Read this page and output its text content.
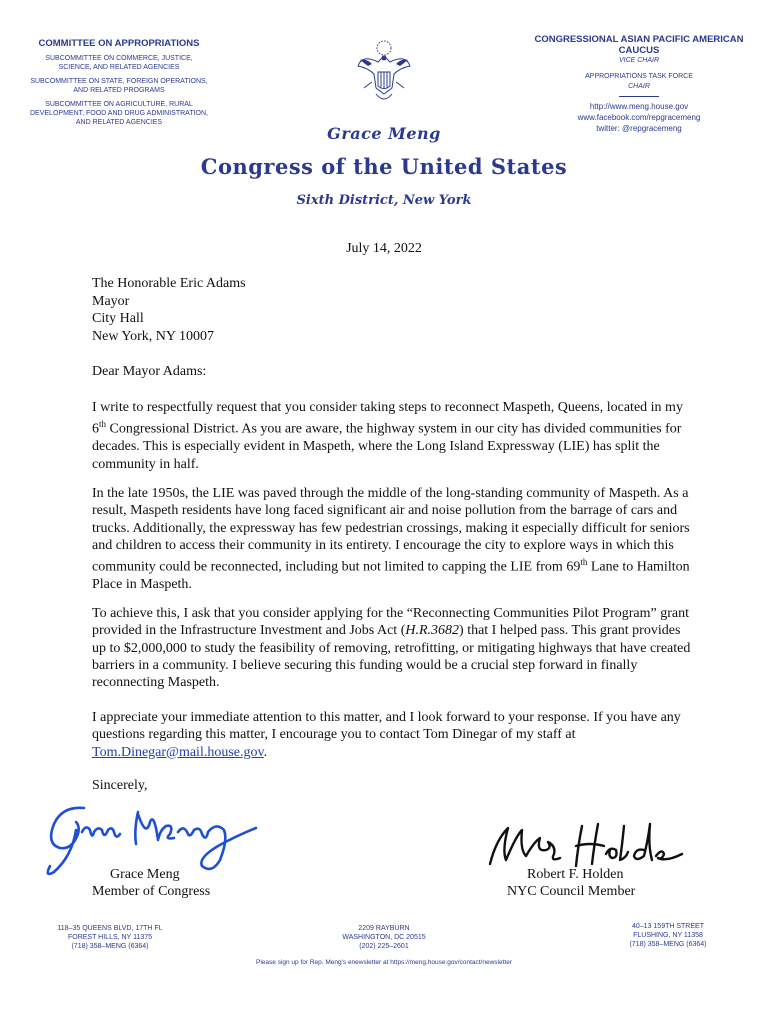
COMMITTEE ON APPROPRIATIONS
SUBCOMMITTEE ON COMMERCE, JUSTICE, SCIENCE, AND RELATED AGENCIES
SUBCOMMITTEE ON STATE, FOREIGN OPERATIONS, AND RELATED PROGRAMS
SUBCOMMITTEE ON AGRICULTURE, RURAL DEVELOPMENT, FOOD AND DRUG ADMINISTRATION, AND RELATED AGENCIES
CONGRESSIONAL ASIAN PACIFIC AMERICAN CAUCUS
VICE CHAIR
APPROPRIATIONS TASK FORCE
CHAIR
http://www.meng.house.gov
www.facebook.com/repgracemeng
twitter: @repgracemeng
Grace Meng
Congress of the United States
Sixth District, New York
July 14, 2022
The Honorable Eric Adams
Mayor
City Hall
New York, NY 10007
Dear Mayor Adams:

I write to respectfully request that you consider taking steps to reconnect Maspeth, Queens, located in my 6th Congressional District. As you are aware, the highway system in our city has divided communities for decades. This is especially evident in Maspeth, where the Long Island Expressway (LIE) has split the community in half.

In the late 1950s, the LIE was paved through the middle of the long-standing community of Maspeth. As a result, Maspeth residents have long faced significant air and noise pollution from the barrage of cars and trucks. Additionally, the expressway has few pedestrian crossings, making it especially difficult for seniors and children to access their community in its entirety. I encourage the city to explore ways in which this community could be reconnected, including but not limited to capping the LIE from 69th Lane to Hamilton Place in Maspeth.

To achieve this, I ask that you consider applying for the “Reconnecting Communities Pilot Program” grant provided in the Infrastructure Investment and Jobs Act (H.R.3682) that I helped pass. This grant provides up to $2,000,000 to study the feasibility of removing, retrofitting, or mitigating highways that have created barriers in a community. I believe securing this funding would be a crucial step forward in finally reconnecting Maspeth.

I appreciate your immediate attention to this matter, and I look forward to your response. If you have any questions regarding this matter, I encourage you to contact Tom Dinegar of my staff at Tom.Dinegar@mail.house.gov.

Sincerely,
Grace Meng
Member of Congress
Robert F. Holden
NYC Council Member
118–35 QUEENS BLVD, 17TH FL
FOREST HILLS, NY 11375
(718) 358–MENG (6364)
2209 RAYBURN
WASHINGTON, DC 20515
(202) 225–2601
40–13 159TH STREET
FLUSHING, NY 11358
(718) 358–MENG (6364)
Please sign up for Rep. Meng's enewsletter at https://meng.house.gov/contact/newsletter
